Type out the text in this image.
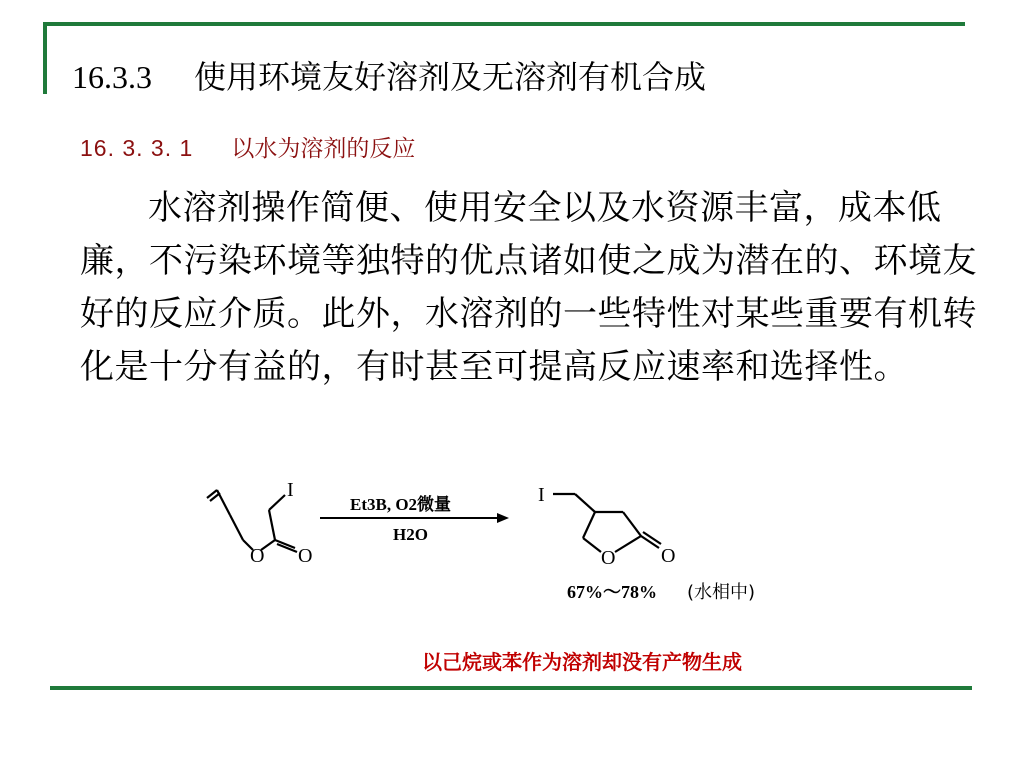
16.3.3 使用环境友好溶剂及无溶剂有机合成
16. 3. 3. 1 以水为溶剂的反应

水溶剂操作简便、使用安全以及水资源丰富，成本低廉，不污染环境等独特的优点诸如使之成为潜在的、环境友好的反应介质。此外，水溶剂的一些特性对某些重要有机转化是十分有益的，有时甚至可提高反应速率和选择性。

I
O O
Et3B, O2微量
H2O
I
O O
67%～78% (水相中)
以己烷或苯作为溶剂却没有产物生成
